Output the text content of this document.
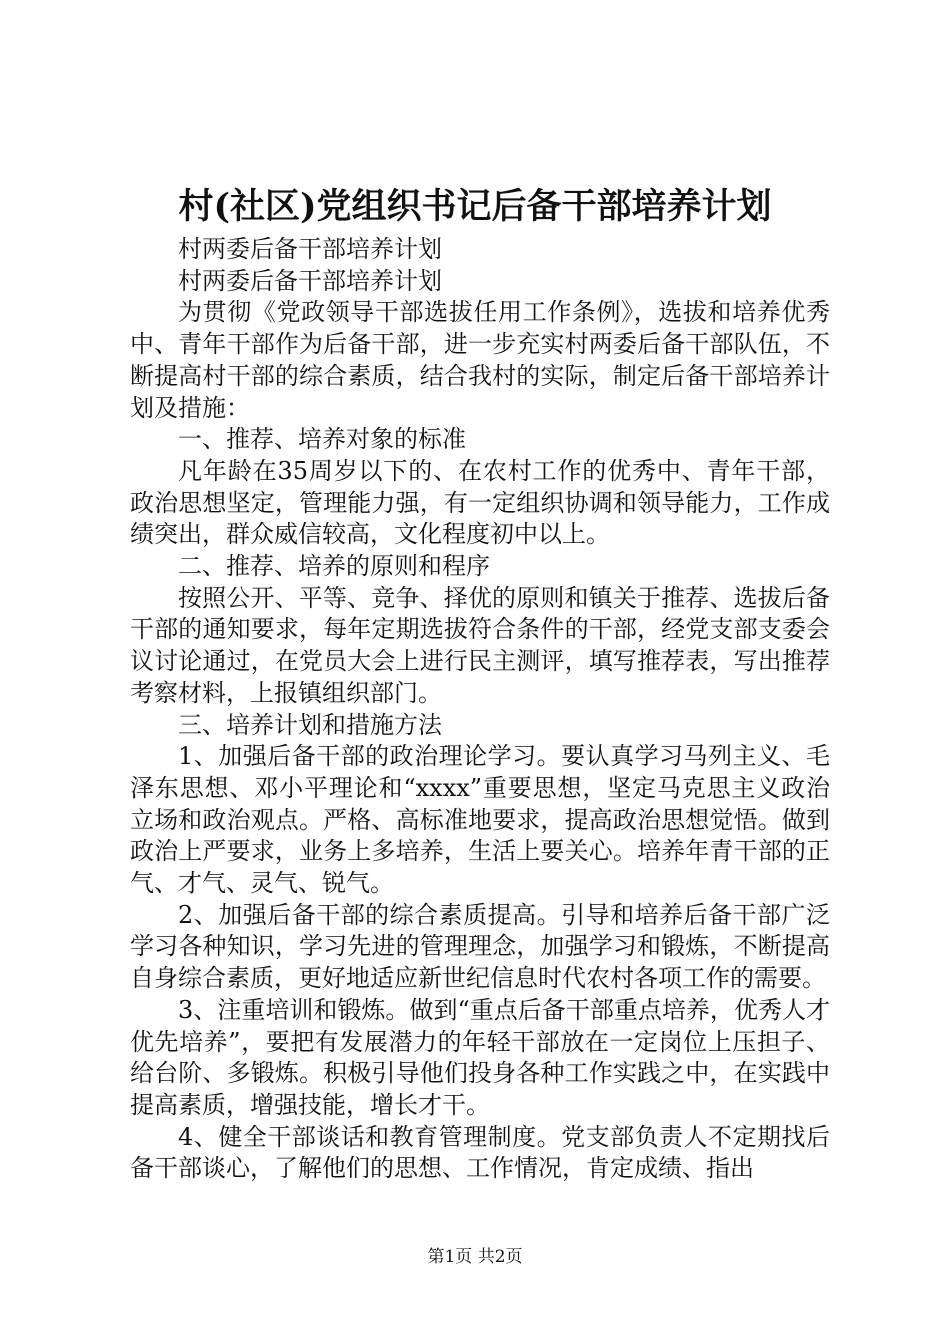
村(社区)党组织书记后备干部培养计划

村两委后备干部培养计划

村两委后备干部培养计划

为贯彻《党政领导干部选拔任用工作条例》，选拔和培养优秀中、青年干部作为后备干部，进一步充实村两委后备干部队伍，不断提高村干部的综合素质，结合我村的实际，制定后备干部培养计划及措施：

一、推荐、培养对象的标准

凡年龄在35周岁以下的、在农村工作的优秀中、青年干部，政治思想坚定，管理能力强，有一定组织协调和领导能力，工作成绩突出，群众威信较高，文化程度初中以上。

二、推荐、培养的原则和程序

按照公开、平等、竞争、择优的原则和镇关于推荐、选拔后备干部的通知要求，每年定期选拔符合条件的干部，经党支部支委会议讨论通过，在党员大会上进行民主测评，填写推荐表，写出推荐考察材料，上报镇组织部门。

三、培养计划和措施方法

1、加强后备干部的政治理论学习。要认真学习马列主义、毛泽东思想、邓小平理论和“xxxx”重要思想，坚定马克思主义政治立场和政治观点。严格、高标准地要求，提高政治思想觉悟。做到政治上严要求，业务上多培养，生活上要关心。培养年青干部的正气、才气、灵气、锐气。

2、加强后备干部的综合素质提高。引导和培养后备干部广泛学习各种知识，学习先进的管理理念，加强学习和锻炼，不断提高自身综合素质，更好地适应新世纪信息时代农村各项工作的需要。

3、注重培训和锻炼。做到“重点后备干部重点培养，优秀人才优先培养”，要把有发展潜力的年轻干部放在一定岗位上压担子、给台阶、多锻炼。积极引导他们投身各种工作实践之中，在实践中提高素质，增强技能，增长才干。

4、健全干部谈话和教育管理制度。党支部负责人不定期找后备干部谈心，了解他们的思想、工作情况，肯定成绩、指出

第1页 共2页
